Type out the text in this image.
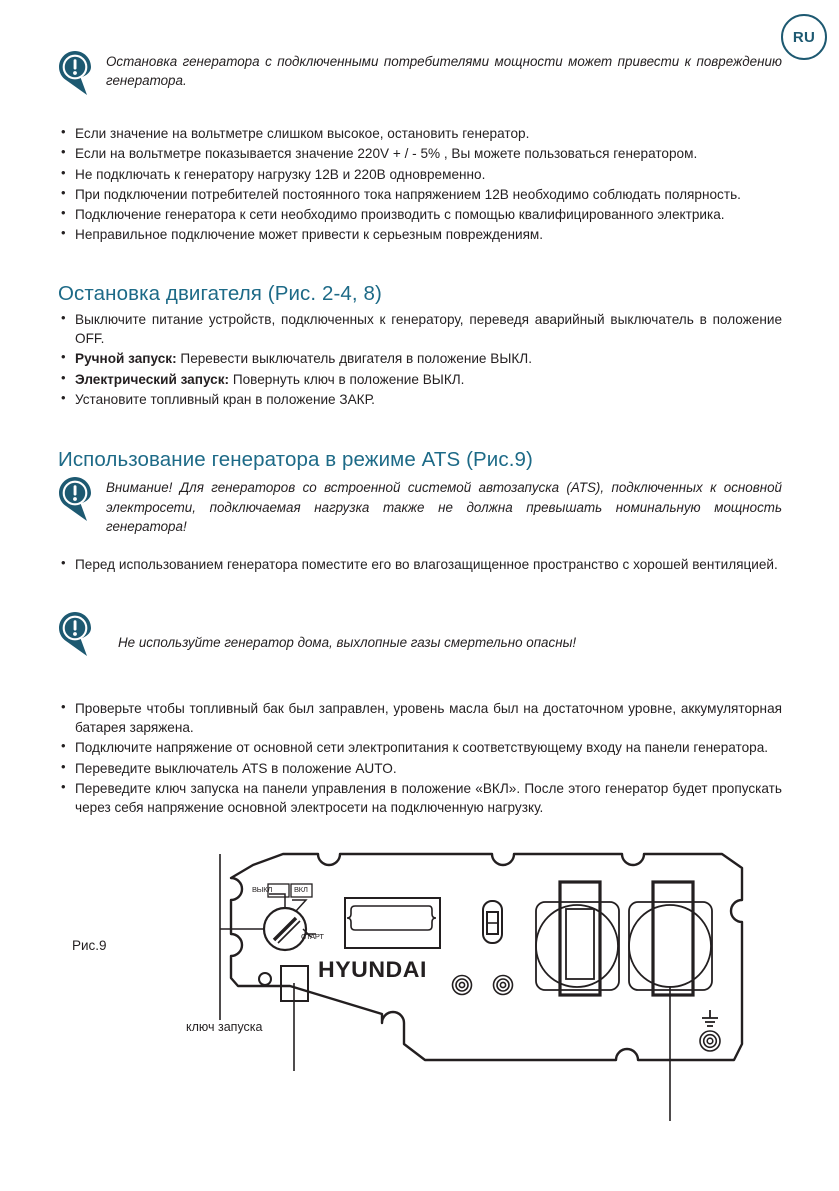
RU
Остановка генератора с подключенными потребителями мощности может привести к повреждению генератора.
• Если значение на вольтметре слишком высокое, остановить генератор.
• Если на вольтметре показывается значение 220V + / - 5% , Вы можете пользоваться генератором.
• Не подключать к генератору нагрузку 12В и 220В одновременно.
• При подключении потребителей постоянного тока напряжением 12В необходимо соблюдать полярность.
• Подключение генератора к сети необходимо производить с помощью квалифицированного электрика.
• Неправильное подключение может привести к серьезным повреждениям.
Остановка двигателя (Рис. 2-4, 8)
• Выключите питание устройств, подключенных к генератору, переведя аварийный выключатель в положение OFF.
• Ручной запуск: Перевести выключатель двигателя в положение ВЫКЛ.
• Электрический запуск: Повернуть ключ в положение ВЫКЛ.
• Установите топливный кран в положение ЗАКР.
Использование генератора в режиме ATS (Рис.9)
Внимание! Для генераторов со встроенной системой автозапуска (ATS), подключенных к основной электросети, подключаемая нагрузка также не должна превышать номинальную мощность генератора!
• Перед использованием генератора поместите его во влагозащищенное пространство с хорошей вентиляцией.
Не используйте генератор дома, выхлопные газы смертельно опасны!
• Проверьте чтобы топливный бак был заправлен, уровень масла был на достаточном уровне, аккумуляторная батарея заряжена.
• Подключите напряжение от основной сети электропитания к соответствующему входу на панели генератора.
• Переведите выключатель ATS в положение AUTO.
• Переведите ключ запуска на панели управления в положение «ВКЛ». После этого генератор будет пропускать через себя напряжение основной электросети на подключенную нагрузку.
Рис.9
ВЫКЛ	ВКЛ
СТАРТ
HYUNDAI
ключ запуска
